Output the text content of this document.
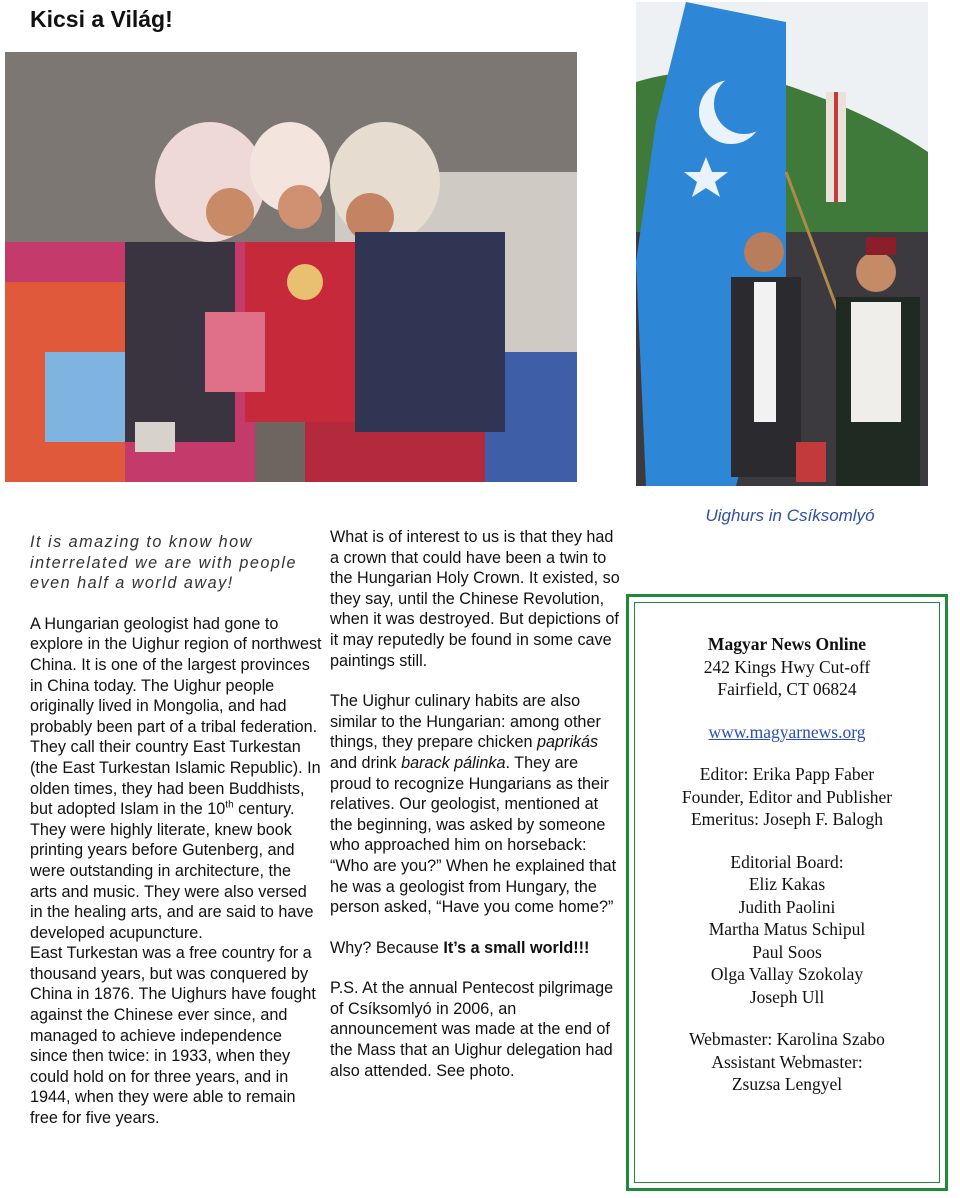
Kicsi a Világ!
Uighurs in Csíksomlyó

It is amazing to know how interrelated we are with people even half a world away!

A Hungarian geologist had gone to explore in the Uighur region of northwest China. It is one of the largest provinces in China today. The Uighur people originally lived in Mongolia, and had probably been part of a tribal federation. They call their country East Turkestan (the East Turkestan Islamic Republic). In olden times, they had been Buddhists, but adopted Islam in the 10th century. They were highly literate, knew book printing years before Gutenberg, and were outstanding in architecture, the arts and music. They were also versed in the healing arts, and are said to have developed acupuncture.

East Turkestan was a free country for a thousand years, but was conquered by China in 1876. The Uighurs have fought against the Chinese ever since, and managed to achieve independence since then twice: in 1933, when they could hold on for three years, and in 1944, when they were able to remain free for five years.

What is of interest to us is that they had a crown that could have been a twin to the Hungarian Holy Crown. It existed, so they say, until the Chinese Revolution, when it was destroyed. But depictions of it may reputedly be found in some cave paintings still.

The Uighur culinary habits are also similar to the Hungarian: among other things, they prepare chicken paprikás and drink barack pálinka. They are proud to recognize Hungarians as their relatives. Our geologist, mentioned at the beginning, was asked by someone who approached him on horseback: “Who are you?” When he explained that he was a geologist from Hungary, the person asked, “Have you come home?”

Why? Because It’s a small world!!!

P.S. At the annual Pentecost pilgrimage of Csíksomlyó in 2006, an announcement was made at the end of the Mass that an Uighur delegation had also attended. See photo.

Magyar News Online
242 Kings Hwy Cut-off
Fairfield, CT 06824
www.magyarnews.org
Editor: Erika Papp Faber
Founder, Editor and Publisher
Emeritus: Joseph F. Balogh
Editorial Board:
Eliz Kakas
Judith Paolini
Martha Matus Schipul
Paul Soos
Olga Vallay Szokolay
Joseph Ull
Webmaster: Karolina Szabo
Assistant Webmaster:
Zsuzsa Lengyel
